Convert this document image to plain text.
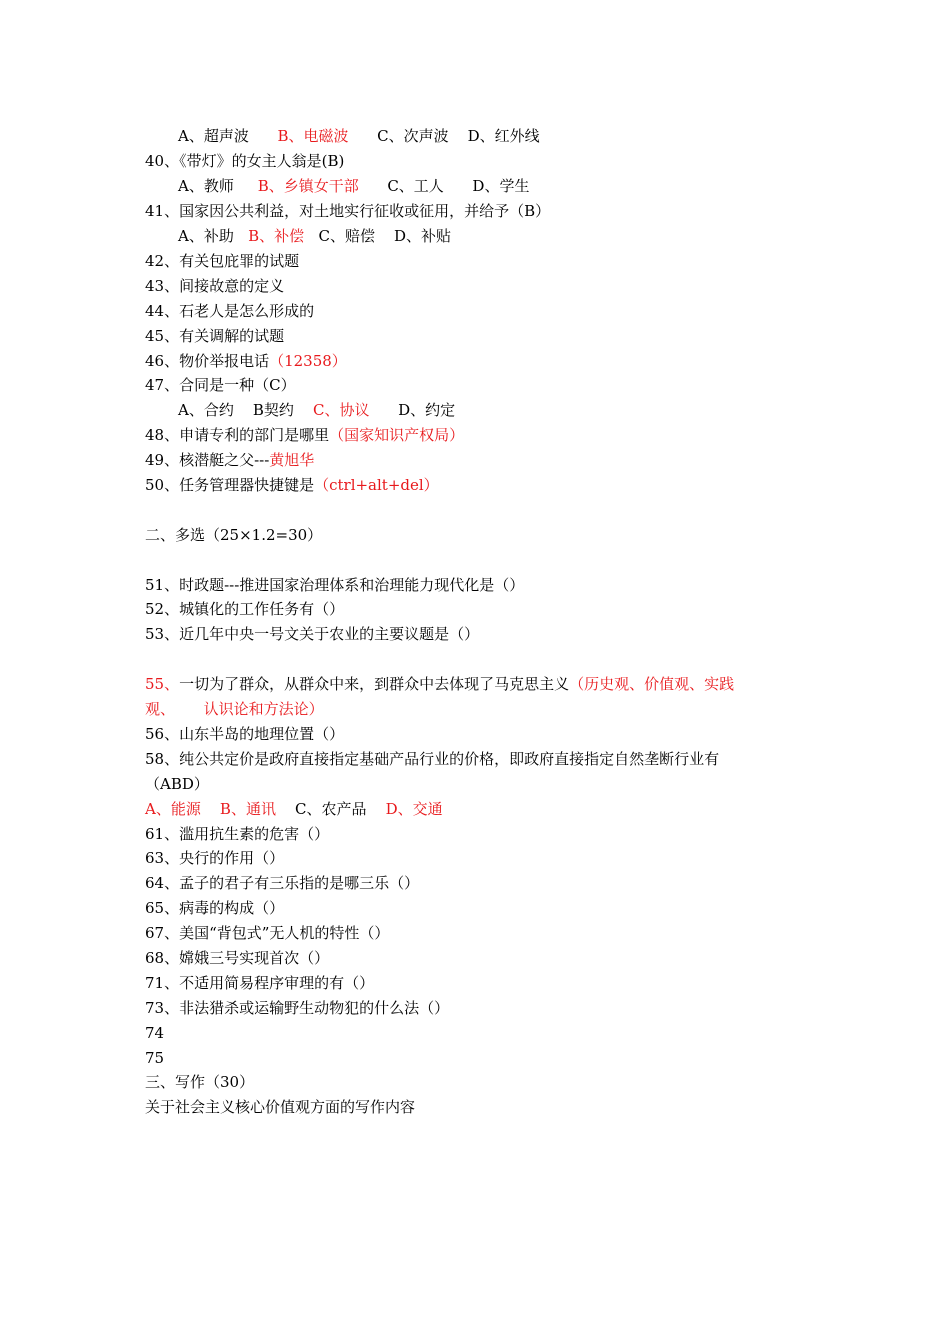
A、超声波 B、电磁波      C、次声波    D、红外线
40、《带灯》的女主人翁是(B)
A、教师     B、乡镇女干部      C、工人      D、学生
41、国家因公共利益，对土地实行征收或征用，并给予（B）
A、补助   B、补偿   C、赔偿    D、补贴
42、有关包庇罪的试题
43、间接故意的定义
44、石老人是怎么形成的
45、有关调解的试题
46、物价举报电话（12358）
47、合同是一种（C）
A、合约    B契约    C、协议      D、约定
48、申请专利的部门是哪里（国家知识产权局）
49、核潜艇之父---黄旭华
50、任务管理器快捷键是（ctrl+alt+del）
二、多选（25×1.2=30）
51、时政题---推进国家治理体系和治理能力现代化是（）
52、城镇化的工作任务有（）
53、近几年中央一号文关于农业的主要议题是（）
55、一切为了群众，从群众中来，到群众中去体现了马克思主义（历史观、价值观、实践
观、      认识论和方法论）
56、山东半岛的地理位置（）
58、纯公共定价是政府直接指定基础产品行业的价格，即政府直接指定自然垄断行业有
（ABD）
A、能源 B、通讯    C、农产品    D、交通
61、滥用抗生素的危害（）
63、央行的作用（）
64、孟子的君子有三乐指的是哪三乐（）
65、病毒的构成（）
67、美国“背包式”无人机的特性（）
68、嫦娥三号实现首次（）
71、不适用简易程序审理的有（）
73、非法猎杀或运输野生动物犯的什么法（）
74
75
三、写作（30）
关于社会主义核心价值观方面的写作内容
